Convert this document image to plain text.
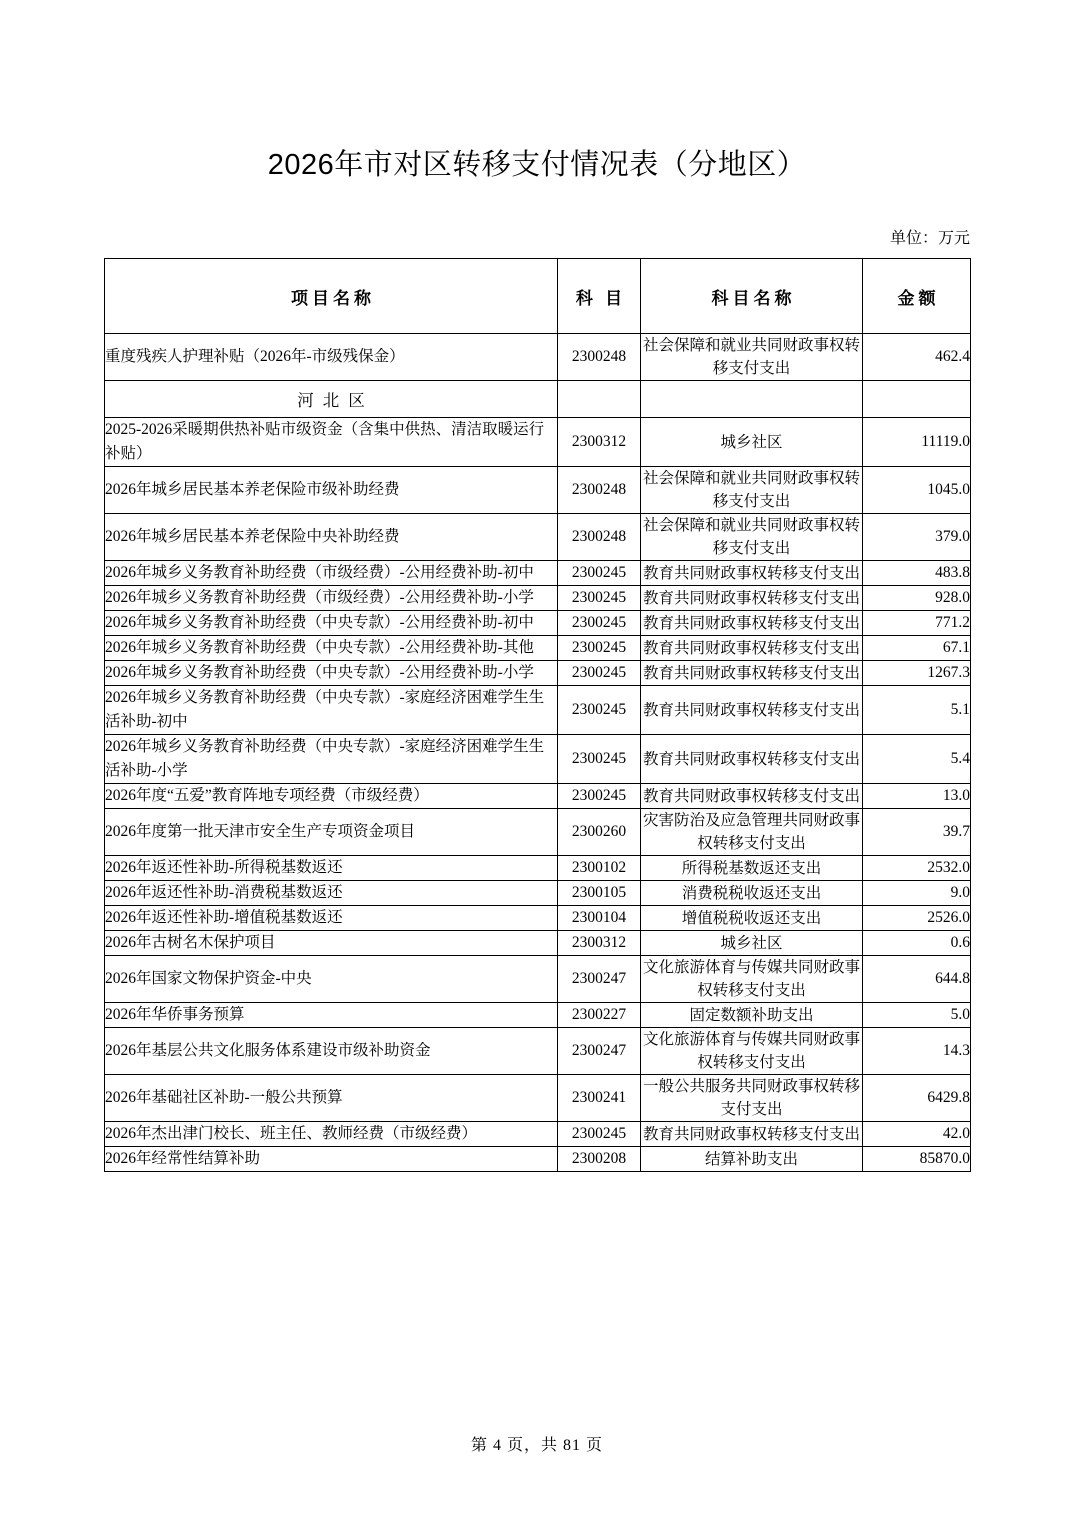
2026年市对区转移支付情况表（分地区）
单位：万元
项目名称	科 目	科目名称	金额
重度残疾人护理补贴（2026年-市级残保金）	2300248	社会保障和就业共同财政事权转移支付支出	462.4
河北区			
2025-2026采暖期供热补贴市级资金（含集中供热、清洁取暖运行补贴）	2300312	城乡社区	11119.0
2026年城乡居民基本养老保险市级补助经费	2300248	社会保障和就业共同财政事权转移支付支出	1045.0
2026年城乡居民基本养老保险中央补助经费	2300248	社会保障和就业共同财政事权转移支付支出	379.0
2026年城乡义务教育补助经费（市级经费）-公用经费补助-初中	2300245	教育共同财政事权转移支付支出	483.8
2026年城乡义务教育补助经费（市级经费）-公用经费补助-小学	2300245	教育共同财政事权转移支付支出	928.0
2026年城乡义务教育补助经费（中央专款）-公用经费补助-初中	2300245	教育共同财政事权转移支付支出	771.2
2026年城乡义务教育补助经费（中央专款）-公用经费补助-其他	2300245	教育共同财政事权转移支付支出	67.1
2026年城乡义务教育补助经费（中央专款）-公用经费补助-小学	2300245	教育共同财政事权转移支付支出	1267.3
2026年城乡义务教育补助经费（中央专款）-家庭经济困难学生生活补助-初中	2300245	教育共同财政事权转移支付支出	5.1
2026年城乡义务教育补助经费（中央专款）-家庭经济困难学生生活补助-小学	2300245	教育共同财政事权转移支付支出	5.4
2026年度“五爱”教育阵地专项经费（市级经费）	2300245	教育共同财政事权转移支付支出	13.0
2026年度第一批天津市安全生产专项资金项目	2300260	灾害防治及应急管理共同财政事权转移支付支出	39.7
2026年返还性补助-所得税基数返还	2300102	所得税基数返还支出	2532.0
2026年返还性补助-消费税基数返还	2300105	消费税税收返还支出	9.0
2026年返还性补助-增值税基数返还	2300104	增值税税收返还支出	2526.0
2026年古树名木保护项目	2300312	城乡社区	0.6
2026年国家文物保护资金-中央	2300247	文化旅游体育与传媒共同财政事权转移支付支出	644.8
2026年华侨事务预算	2300227	固定数额补助支出	5.0
2026年基层公共文化服务体系建设市级补助资金	2300247	文化旅游体育与传媒共同财政事权转移支付支出	14.3
2026年基础社区补助-一般公共预算	2300241	一般公共服务共同财政事权转移支付支出	6429.8
2026年杰出津门校长、班主任、教师经费（市级经费）	2300245	教育共同财政事权转移支付支出	42.0
2026年经常性结算补助	2300208	结算补助支出	85870.0
第 4 页，共 81 页
